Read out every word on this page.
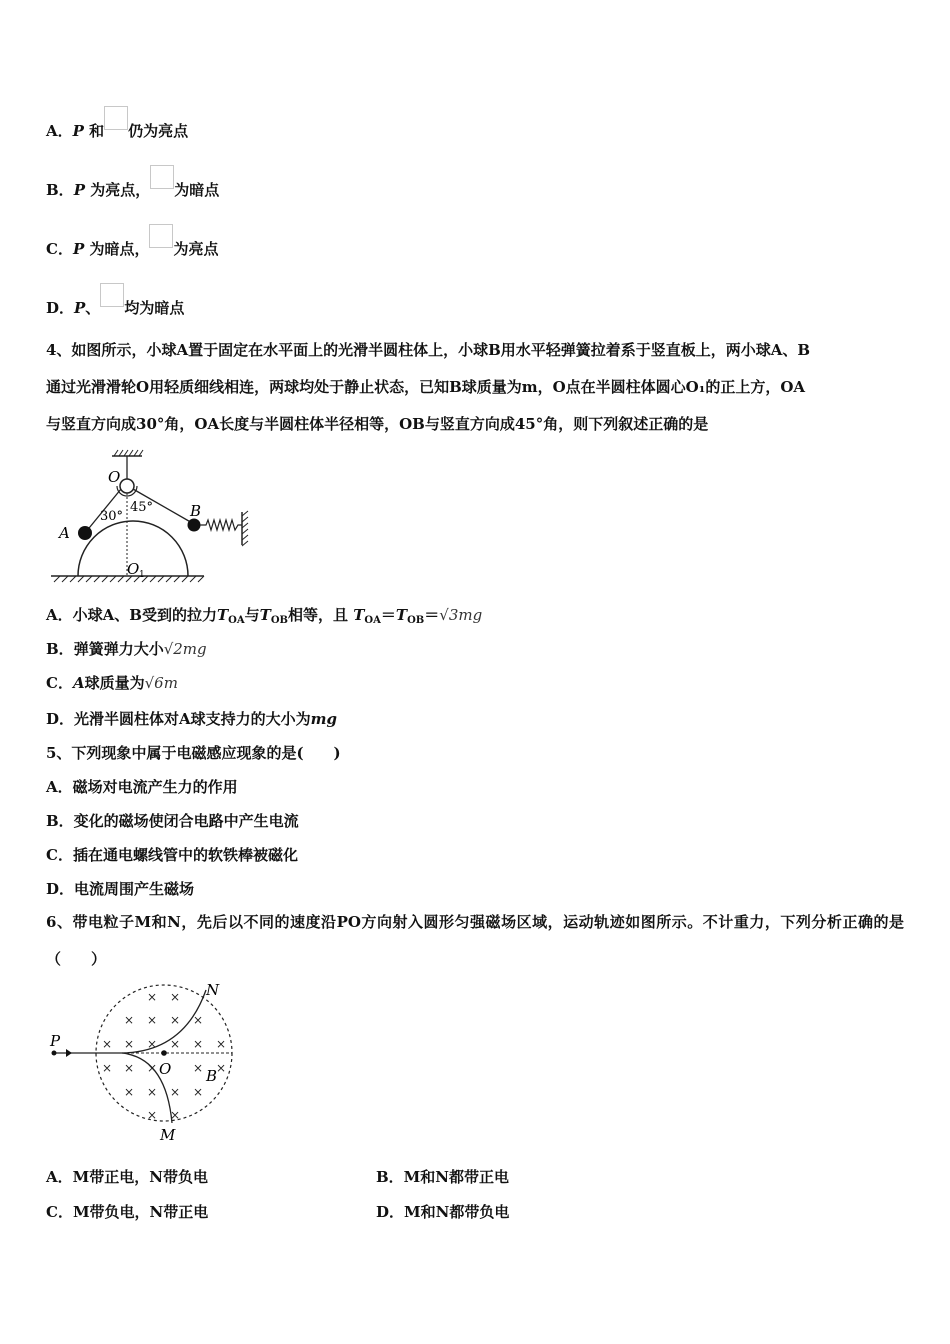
A．P 和 仍为亮点
B．P 为亮点， 为暗点
C．P 为暗点， 为亮点
D．P、 均为暗点
4、如图所示，小球A置于固定在水平面上的光滑半圆柱体上，小球B用水平轻弹簧拉着系于竖直板上，两小球A、B
通过光滑滑轮O用轻质细线相连，两球均处于静止状态，已知B球质量为m，O点在半圆柱体圆心O₁的正上方，OA
与竖直方向成30°角，OA长度与半圆柱体半径相等，OB与竖直方向成45°角，则下列叙述正确的是
O
A
B
O 1
30°
45°
A．小球A、B受到的拉力$T_{OA}$与$T_{OB}$相等，且 $T_{OA}=T_{OB}=√3mg$
B．弹簧弹力大小√2mg
C．A球质量为√6m
D．光滑半圆柱体对A球支持力的大小为mg
5、下列现象中属于电磁感应现象的是(　　)
A．磁场对电流产生力的作用
B．变化的磁场使闭合电路中产生电流
C．插在通电螺线管中的软铁棒被磁化
D．电流周围产生磁场
6、带电粒子M和N，先后以不同的速度沿PO方向射入圆形匀强磁场区域，运动轨迹如图所示。不计重力，下列分析正确的是（　　）
× ×
× × × ×
× × × × × ×
× × ×	× ×
× × × ×
× ×
P
O B
N
M
A．M带正电，N带负电	B．M和N都带正电
C．M带负电，N带正电	D．M和N都带负电
